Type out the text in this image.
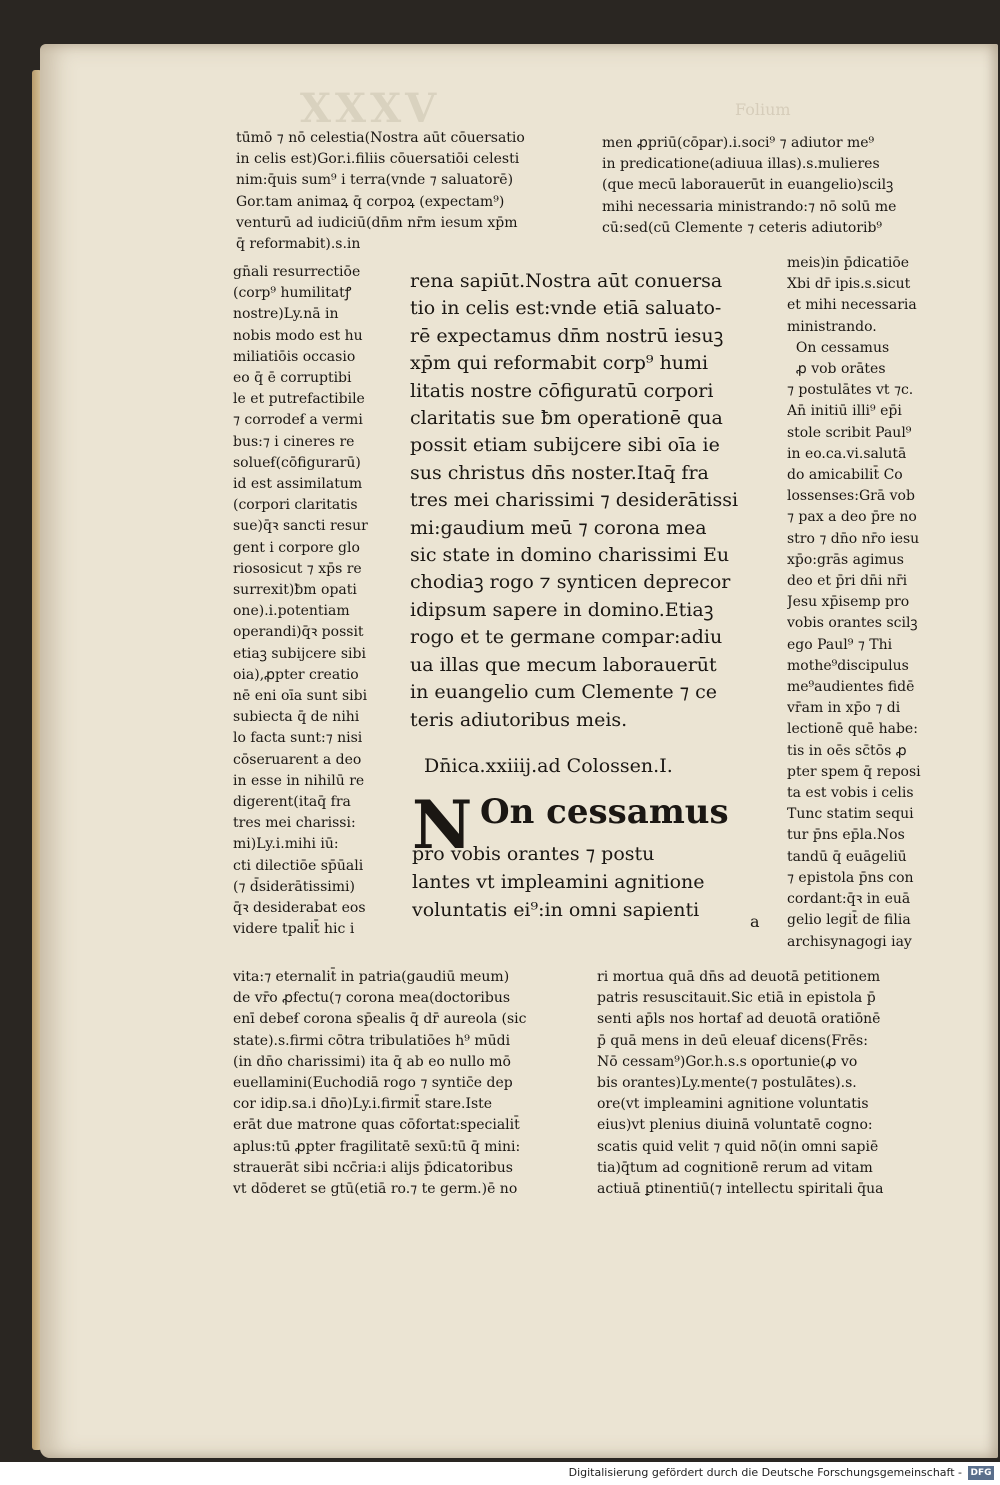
XXXV	Folium
tūmō ⁊ nō celestia(Nostra aūt cōuersatio
in celis est)Gor.i.filiis cōuersatiōi celesti
nim:q̄uis sum⁹ i terra(vnde ⁊ saluatorē)
Gor.tam animaꝝ q̄ corpoꝝ (expectam⁹)
venturū ad iudiciū(dn̄m nr̄m iesum xp̄m
q̄ reformabit).s.in
men ꝓpriū(cōpar).i.soci⁹ ⁊ adiutor me⁹
in predicatione(adiuua illas).s.mulieres
(que mecū laborauerūt in euangelio)scilꝫ
mihi necessaria ministrando:⁊ nō solū me
cū:sed(cū Clemente ⁊ ceteris adiutorib⁹
gn̄ali resurrectiōe
(corp⁹ humilitatꝭ
nostre)Ly.nā in
nobis modo est hu
miliatiōis occasio
eo q̄ ē corruptibi
le et putrefactibile
⁊ corrodeẜ a vermi
bus:⁊ i cineres re
solueẜ(cōfigurarū)
id est assimilatum
(corpori claritatis
sue)q̄ꝛ sancti resur
gent i corpore glo
riososicut ⁊ xp̄s re
surrexit)ƀm opati
one).i.potentiam
operandi)q̄ꝛ possit
etiaꝫ subijcere sibi
oia),ꝓpter creatio
nē eni oīa sunt sibi
subiecta q̄ de nihi
lo facta sunt:⁊ nisi
cōseruarent a deo
in esse in nihilū re
digerent(itaq̄ fra
tres mei charissi:
mi)Ly.i.mihi iū:
cti dilectiōe sp̄ūali
(⁊ d̄siderātissimi)
q̄ꝛ desiderabat eos
videre tpalit̄ hic i
meis)in p̄dicatiōe
Xbi dr̄ ipis.s.sicut
et mihi necessaria
ministrando.
On cessamus
ꝓ vob orātes
⁊ postulātes vt ⁊c.
An̄ initiū illi⁹ ep̄i
stole scribit Paul⁹
in eo.ca.vi.salutā
do amicabilit̄ Co
lossenses:Grā vob
⁊ pax a deo p̄re no
stro ⁊ dn̄o nr̄o iesu
xp̄o:grās agimus
deo et p̄ri dn̄i nr̄i
Jesu xp̄isemp pro
vobis orantes scilꝫ
ego Paul⁹ ⁊ Thi
mothe⁹discipulus
me⁹audientes fidē
vr̄am in xp̄o ⁊ di
lectionē quē habe:
tis in oēs sc̄tōs ꝓ
pter spem q̄ reposi
ta est vobis i celis
Tunc statim sequi
tur p̄ns ep̄la.Nos
tandū q̄ euāgeliū
⁊ epistola p̄ns con
cordant:q̄ꝛ in euā
gelio legit̄ de filia
archisynagogi iay
rena sapiūt.Nostra aūt conuersa
tio in celis est:vnde etiā saluato-
rē expectamus dn̄m nostrū iesuꝫ
xp̄m qui reformabit corp⁹ humi
litatis nostre cōfiguratū corpori
claritatis sue ƀm operationē qua
possit etiam subijcere sibi oīa ie
sus christus dn̄s noster.Itaq̄ fra
tres mei charissimi ⁊ desiderātissi
mi:gaudium meū ⁊ corona mea
sic state in domino charissimi Eu
chodiaꝫ rogo ⁊ synticen deprecor
idipsum sapere in domino.Etiaꝫ
rogo et te germane compar:adiu
ua illas que mecum laborauerūt
in euangelio cum Clemente ⁊ ce
teris adiutoribus meis.
Dn̄ica.xxiiij.ad Colossen.I.
N On cessamus
pro vobis orantes ⁊ postu
lantes vt impleamini agnitione
voluntatis ei⁹:in omni sapienti
a
vita:⁊ eternalit̄ in patria(gaudiū meum)
de vr̄o ꝓfectu(⁊ corona mea(doctoribus
enī debeẜ corona sp̄ealis q̄ dr̄ aureola (sic
state).s.firmi cōtra tribulatiōes h⁹ mūdi
(in dn̄o charissimi) ita q̄ ab eo nullo mō
euellamini(Euchodiā rogo ⁊ syntic̄e dep
cor idip.sa.i dn̄o)Ly.i.firmit̄ stare.Iste
erāt due matrone quas cōfortat:specialit̄
aplus:tū ꝓpter fragilitatē sexū:tū q̄ mini:
strauerāt sibi ncc̄ria:i alijs p̄dicatoribus
vt dōderet se gtū(etiā ro.⁊ te germ.)ē no
ri mortua quā dn̄s ad deuotā petitionem
patris resuscitauit.Sic etiā in epistola p̄
senti ap̄ls nos hortaẜ ad deuotā oratiōnē
p̄ quā mens in deū eleuaẜ dicens(Frēs:
Nō cessam⁹)Gor.h.s.s oportunie(ꝓ vo
bis orantes)Ly.mente(⁊ postulātes).s.
ore(vt impleamini agnitione voluntatis
eius)vt plenius diuinā voluntatē cogno:
scatis quid velit ⁊ quid nō(in omni sapiē
tia)q̄tum ad cognitionē rerum ad vitam
actiuā ꝑtinentiū(⁊ intellectu spiritali q̄ua
Digitalisierung gefördert durch die Deutsche Forschungsgemeinschaft - DFG
